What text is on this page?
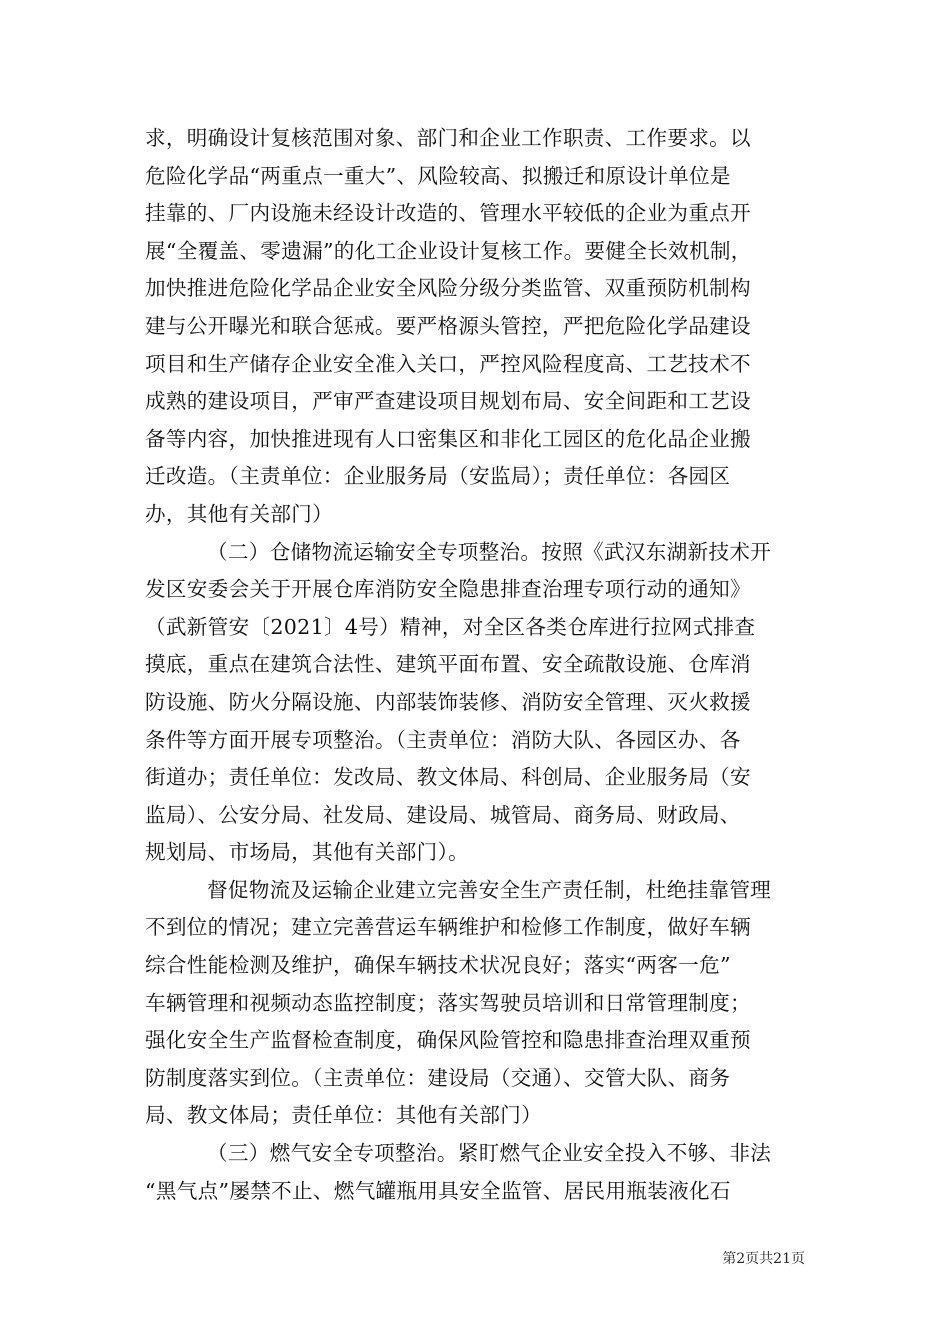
求，明确设计复核范围对象、部门和企业工作职责、工作要求。以
危险化学品“两重点一重大”、风险较高、拟搬迁和原设计单位是
挂靠的、厂内设施未经设计改造的、管理水平较低的企业为重点开
展“全覆盖、零遗漏”的化工企业设计复核工作。要健全长效机制，
加快推进危险化学品企业安全风险分级分类监管、双重预防机制构
建与公开曝光和联合惩戒。要严格源头管控，严把危险化学品建设
项目和生产储存企业安全准入关口，严控风险程度高、工艺技术不
成熟的建设项目，严审严查建设项目规划布局、安全间距和工艺设
备等内容，加快推进现有人口密集区和非化工园区的危化品企业搬
迁改造。（主责单位：企业服务局（安监局）；责任单位：各园区
办，其他有关部门）
（二）仓储物流运输安全专项整治。按照《武汉东湖新技术开
发区安委会关于开展仓库消防安全隐患排查治理专项行动的通知》
（武新管安〔2021〕4号）精神，对全区各类仓库进行拉网式排查
摸底，重点在建筑合法性、建筑平面布置、安全疏散设施、仓库消
防设施、防火分隔设施、内部装饰装修、消防安全管理、灭火救援
条件等方面开展专项整治。（主责单位：消防大队、各园区办、各
街道办；责任单位：发改局、教文体局、科创局、企业服务局（安
监局）、公安分局、社发局、建设局、城管局、商务局、财政局、
规划局、市场局，其他有关部门）。
督促物流及运输企业建立完善安全生产责任制，杜绝挂靠管理
不到位的情况；建立完善营运车辆维护和检修工作制度，做好车辆
综合性能检测及维护，确保车辆技术状况良好；落实“两客一危”
车辆管理和视频动态监控制度；落实驾驶员培训和日常管理制度；
强化安全生产监督检查制度，确保风险管控和隐患排查治理双重预
防制度落实到位。（主责单位：建设局（交通）、交管大队、商务
局、教文体局；责任单位：其他有关部门）
（三）燃气安全专项整治。紧盯燃气企业安全投入不够、非法
“黑气点”屡禁不止、燃气罐瓶用具安全监管、居民用瓶装液化石
第2页共21页
